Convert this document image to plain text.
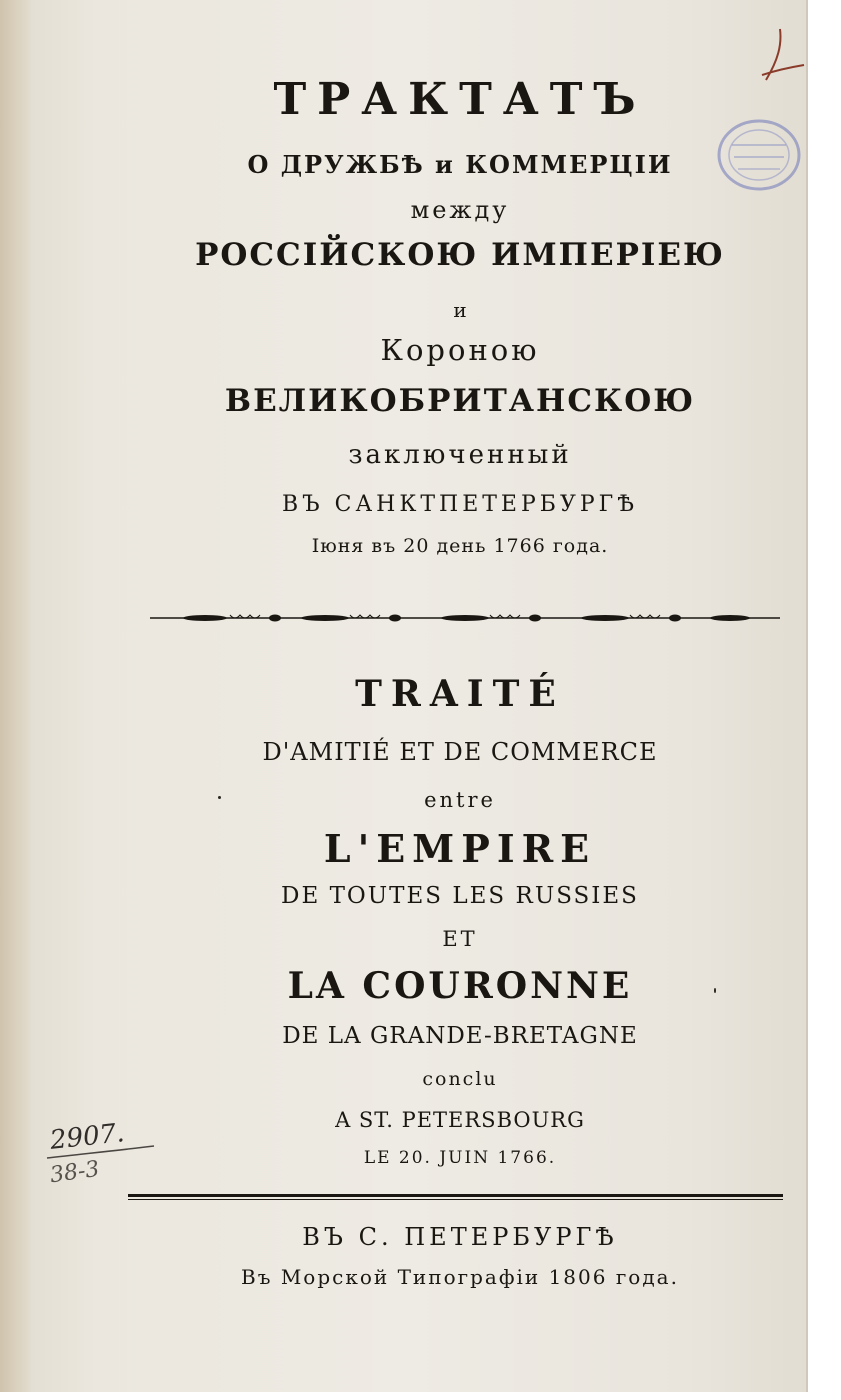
ТРАКТАТЪ
О ДРУЖБѢ и КОММЕРЦІИ
между
РОССІЙСКОЮ ИМПЕРІЕЮ
и
Короною
ВЕЛИКОБРИТАНСКОЮ
заключенный
ВЪ САНКТПЕТЕРБУРГѢ
Іюня въ 20 день 1766 года.
TRAITÉ
D'AMITIÉ ET DE COMMERCE
entre
L'EMPIRE
DE TOUTES LES RUSSIES
ET
LA COURONNE
DE LA GRANDE-BRETAGNE
conclu
A ST. PETERSBOURG
LE 20. JUIN 1766.
ВЪ С. ПЕТЕРБУРГѢ
Въ Морской Типографіи 1806 года.
2907.
38-3
